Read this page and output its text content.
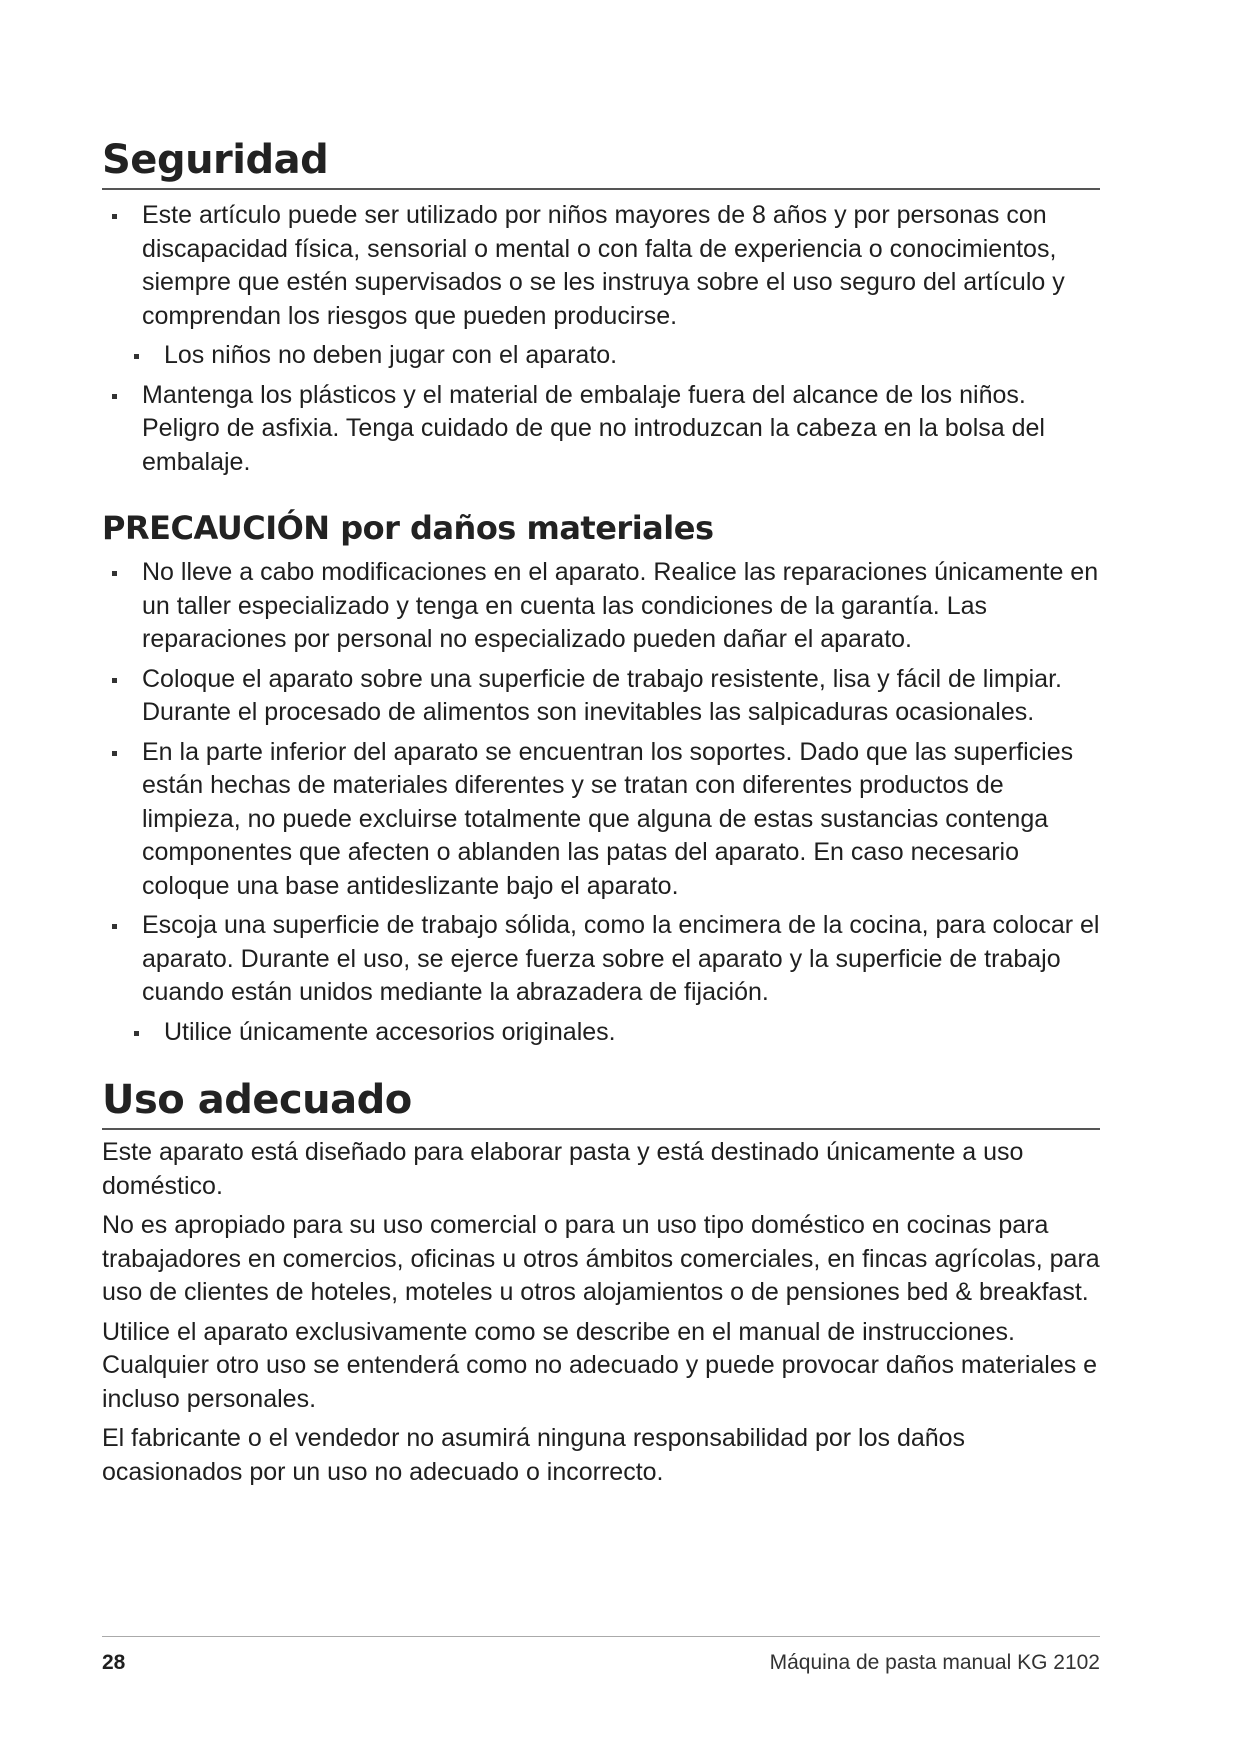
Seguridad
Este artículo puede ser utilizado por niños mayores de 8 años y por personas con discapacidad física, sensorial o mental o con falta de experiencia o conocimientos, siempre que estén supervisados o se les instruya sobre el uso seguro del artículo y comprendan los riesgos que pueden producirse.
Los niños no deben jugar con el aparato.
Mantenga los plásticos y el material de embalaje fuera del alcance de los niños. Peligro de asfixia. Tenga cuidado de que no introduzcan la cabeza en la bolsa del embalaje.
PRECAUCIÓN por daños materiales
No lleve a cabo modificaciones en el aparato. Realice las reparaciones únicamente en un taller especializado y tenga en cuenta las condiciones de la garantía. Las reparaciones por personal no especializado pueden dañar el aparato.
Coloque el aparato sobre una superficie de trabajo resistente, lisa y fácil de limpiar. Durante el procesado de alimentos son inevitables las salpicaduras ocasionales.
En la parte inferior del aparato se encuentran los soportes. Dado que las superficies están hechas de materiales diferentes y se tratan con diferentes productos de limpieza, no puede excluirse totalmente que alguna de estas sustancias contenga componentes que afecten o ablanden las patas del aparato. En caso necesario coloque una base antideslizante bajo el aparato.
Escoja una superficie de trabajo sólida, como la encimera de la cocina, para colocar el aparato. Durante el uso, se ejerce fuerza sobre el aparato y la superficie de trabajo cuando están unidos mediante la abrazadera de fijación.
Utilice únicamente accesorios originales.
Uso adecuado

Este aparato está diseñado para elaborar pasta y está destinado únicamente a uso doméstico.

No es apropiado para su uso comercial o para un uso tipo doméstico en cocinas para trabajadores en comercios, oficinas u otros ámbitos comerciales, en fincas agrícolas, para uso de clientes de hoteles, moteles u otros alojamientos o de pensiones bed & breakfast.

Utilice el aparato exclusivamente como se describe en el manual de instrucciones. Cualquier otro uso se entenderá como no adecuado y puede provocar daños materiales e incluso personales.

El fabricante o el vendedor no asumirá ninguna responsabilidad por los daños ocasionados por un uso no adecuado o incorrecto.

28	Máquina de pasta manual KG 2102
